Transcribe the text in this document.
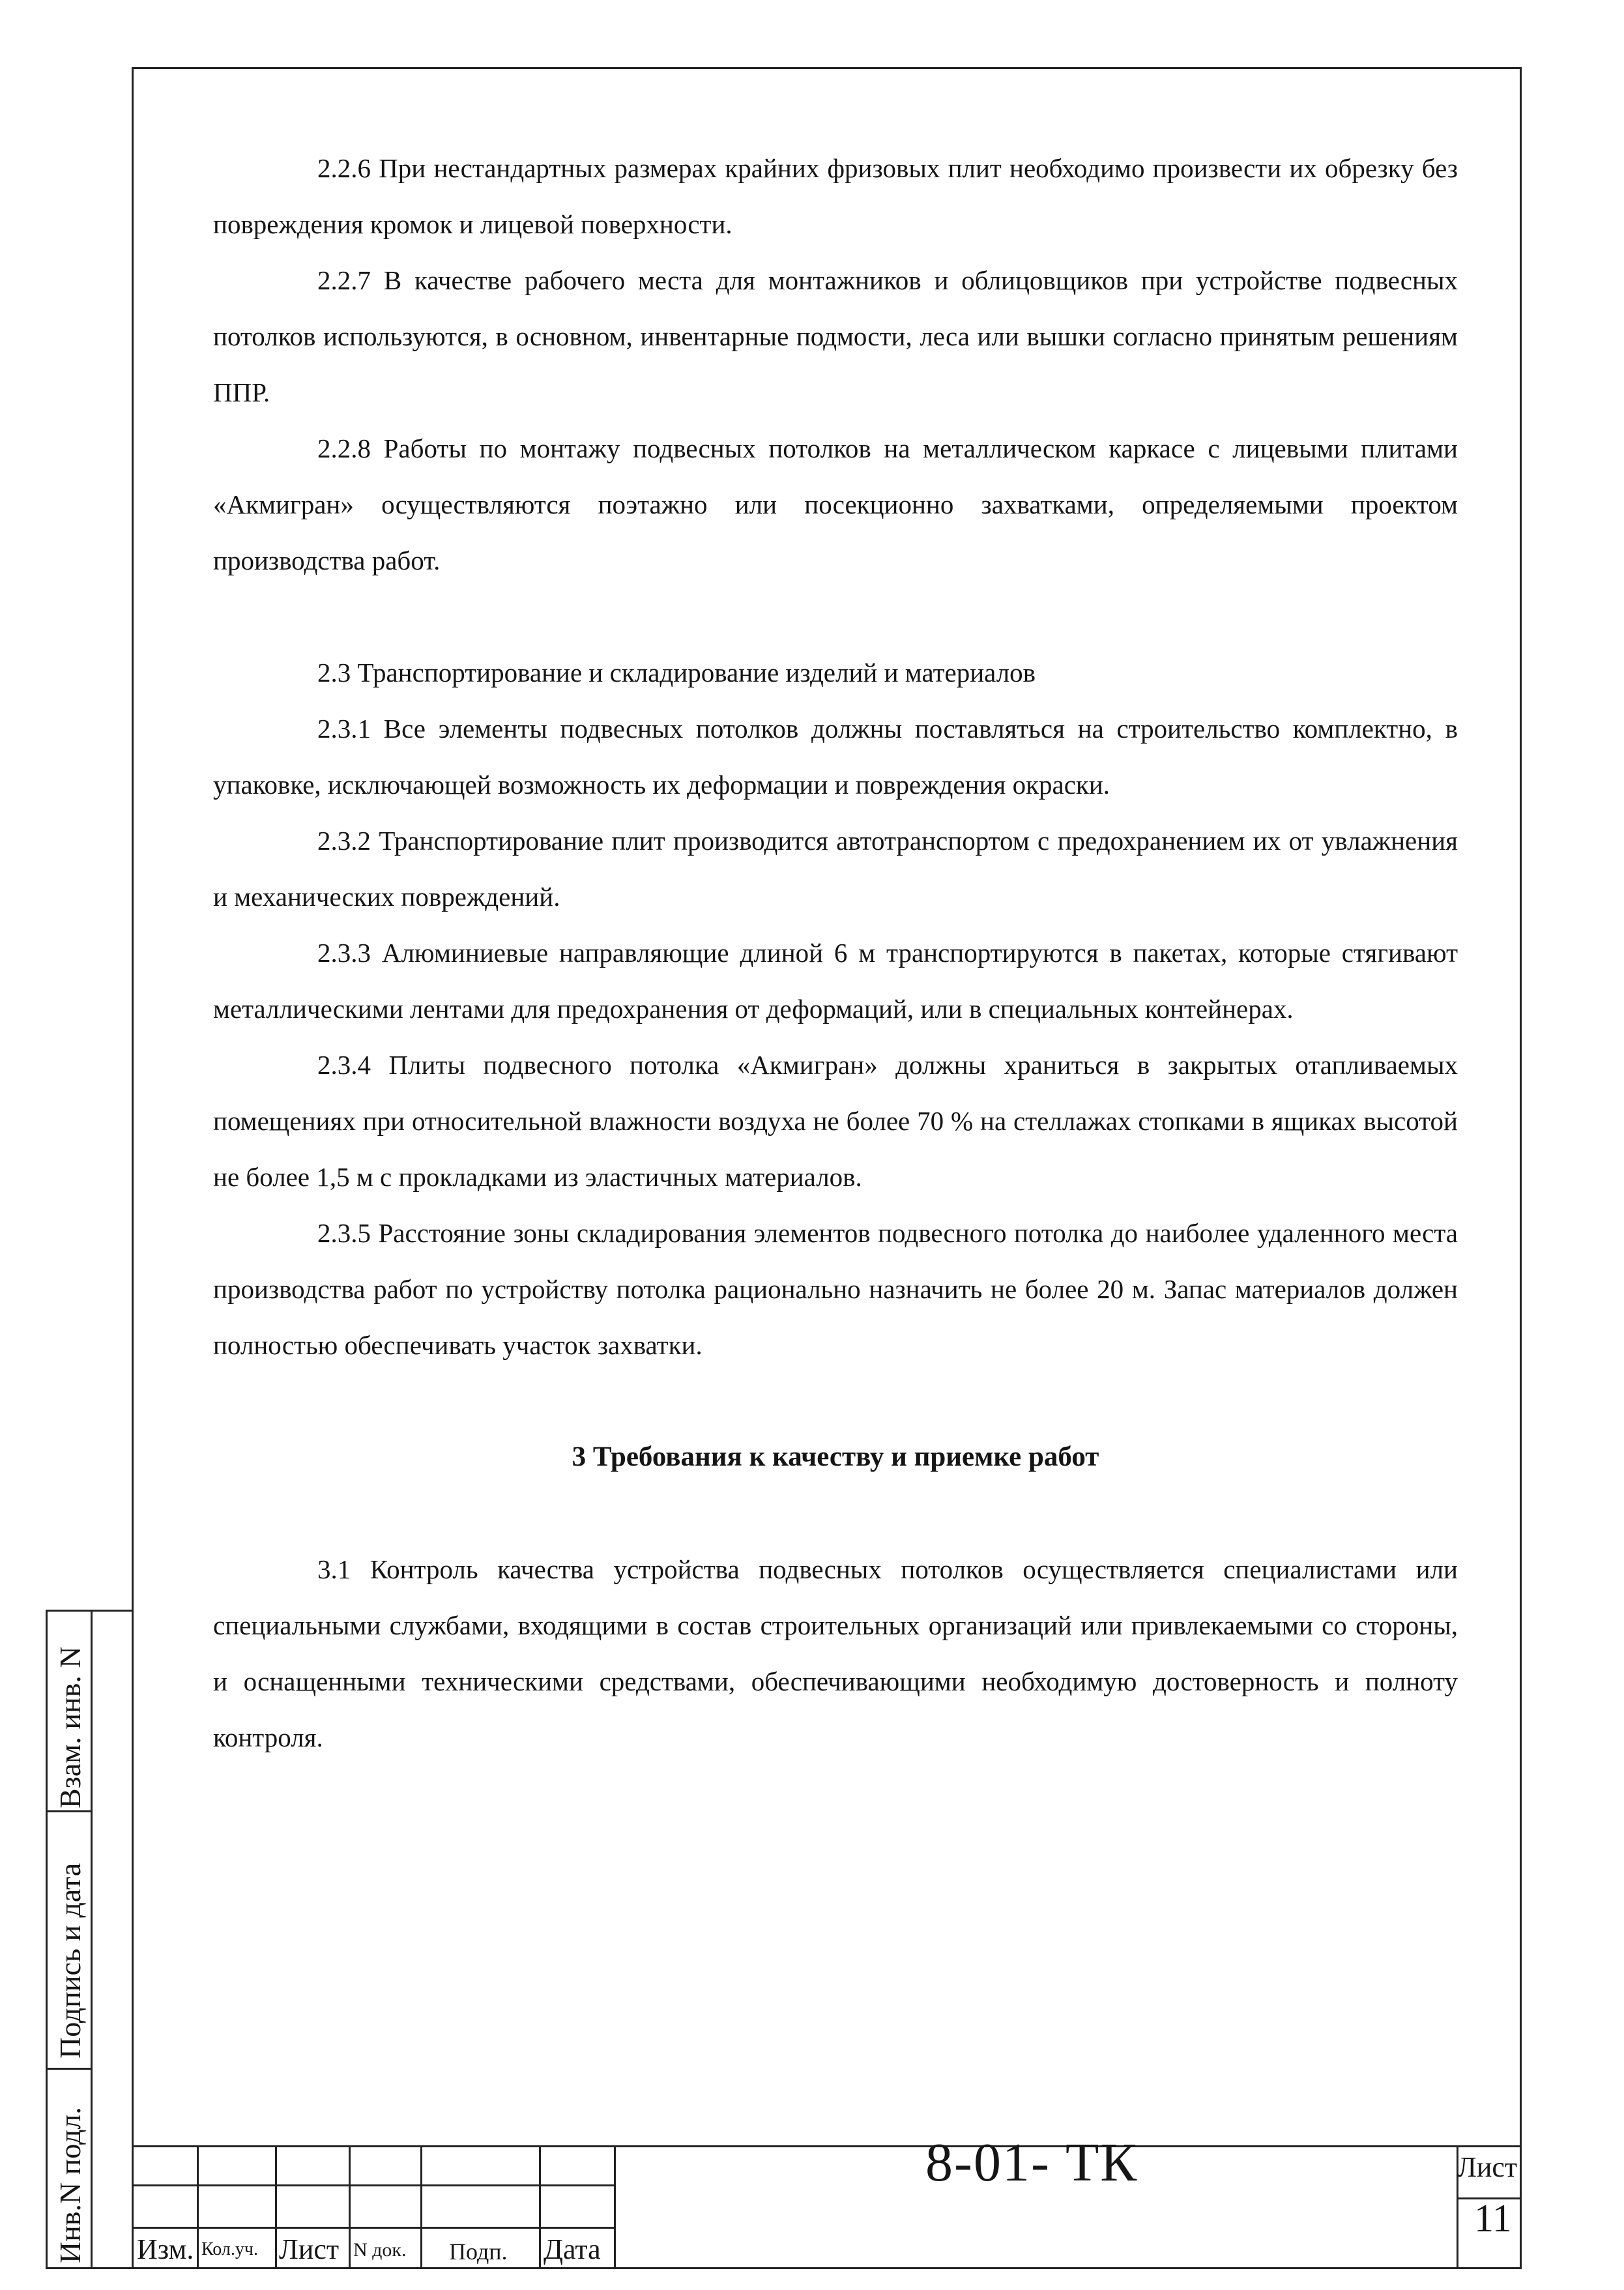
2.2.6 При нестандартных размерах крайних фризовых плит необходимо произвести их обрезку без повреждения кромок и лицевой поверхности.

2.2.7 В качестве рабочего места для монтажников и облицовщиков при устройстве подвесных потолков используются, в основном, инвентарные подмости, леса или вышки согласно принятым решениям ППР.

2.2.8 Работы по монтажу подвесных потолков на металлическом каркасе с лицевыми плитами «Акмигран» осуществляются поэтажно или посекционно захватками, определяемыми проектом производства работ.

2.3 Транспортирование и складирование изделий и материалов

2.3.1 Все элементы подвесных потолков должны поставляться на строительство комплектно, в упаковке, исключающей возможность их деформации и повреждения окраски.

2.3.2 Транспортирование плит производится автотранспортом с предохранением их от увлажнения и механических повреждений.

2.3.3 Алюминиевые направляющие длиной 6 м транспортируются в пакетах, которые стягивают металлическими лентами для предохранения от деформаций, или в специальных контейнерах.

2.3.4 Плиты подвесного потолка «Акмигран» должны храниться в закрытых отапливаемых помещениях при относительной влажности воздуха не более 70 % на стеллажах стопками в ящиках высотой не более 1,5 м с прокладками из эластичных материалов.

2.3.5 Расстояние зоны складирования элементов подвесного потолка до наиболее удаленного места производства работ по устройству потолка рационально назначить не более 20 м. Запас материалов должен полностью обеспечивать участок захватки.

3 Требования к качеству и приемке работ

3.1 Контроль качества устройства подвесных потолков осуществляется специалистами или специальными службами, входящими в состав строительных организаций или привлекаемыми со стороны, и оснащенными техническими средствами, обеспечивающими необходимую достоверность и полноту контроля.

Взам. инв. N
Подпись и дата
Инв.N подл. Изм. Кол.уч. Лист N док. Подп. Дата
8-01- ТК	Лист
11
